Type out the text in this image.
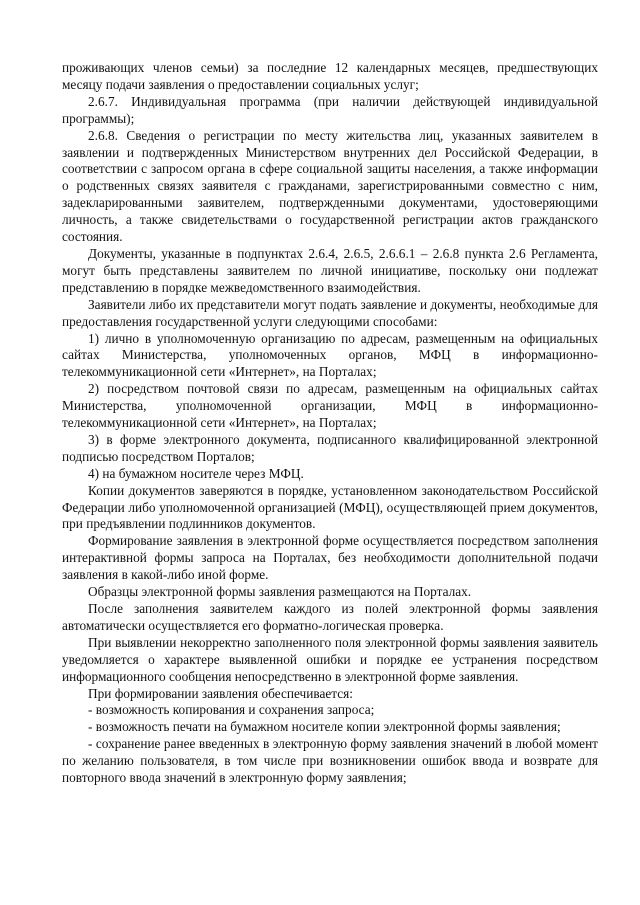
проживающих членов семьи) за последние 12 календарных месяцев, предшествующих месяцу подачи заявления о предоставлении социальных услуг;

2.6.7. Индивидуальная программа (при наличии действующей индивидуальной программы);

2.6.8. Сведения о регистрации по месту жительства лиц, указанных заявителем в заявлении и подтвержденных Министерством внутренних дел Российской Федерации, в соответствии с запросом органа в сфере социальной защиты населения, а также информации о родственных связях заявителя с гражданами, зарегистрированными совместно с ним, задекларированными заявителем, подтвержденными документами, удостоверяющими личность, а также свидетельствами о государственной регистрации актов гражданского состояния.

Документы, указанные в подпунктах 2.6.4, 2.6.5, 2.6.6.1 – 2.6.8 пункта 2.6 Регламента, могут быть представлены заявителем по личной инициативе, поскольку они подлежат представлению в порядке межведомственного взаимодействия.

Заявители либо их представители могут подать заявление и документы, необходимые для предоставления государственной услуги следующими способами:

1) лично в уполномоченную организацию по адресам, размещенным на официальных сайтах Министерства, уполномоченных органов, МФЦ в информационно-телекоммуникационной сети «Интернет», на Порталах;

2) посредством почтовой связи по адресам, размещенным на официальных сайтах Министерства, уполномоченной организации, МФЦ в информационно-телекоммуникационной сети «Интернет», на Порталах;

3) в форме электронного документа, подписанного квалифицированной электронной подписью посредством Порталов;

4) на бумажном носителе через МФЦ.

Копии документов заверяются в порядке, установленном законодательством Российской Федерации либо уполномоченной организацией (МФЦ), осуществляющей прием документов, при предъявлении подлинников документов.

Формирование заявления в электронной форме осуществляется посредством заполнения интерактивной формы запроса на Порталах, без необходимости дополнительной подачи заявления в какой-либо иной форме.

Образцы электронной формы заявления размещаются на Порталах.

После заполнения заявителем каждого из полей электронной формы заявления автоматически осуществляется его форматно-логическая проверка.

При выявлении некорректно заполненного поля электронной формы заявления заявитель уведомляется о характере выявленной ошибки и порядке ее устранения посредством информационного сообщения непосредственно в электронной форме заявления.

При формировании заявления обеспечивается:

- возможность копирования и сохранения запроса;

- возможность печати на бумажном носителе копии электронной формы заявления;

- сохранение ранее введенных в электронную форму заявления значений в любой момент по желанию пользователя, в том числе при возникновении ошибок ввода и возврате для повторного ввода значений в электронную форму заявления;
